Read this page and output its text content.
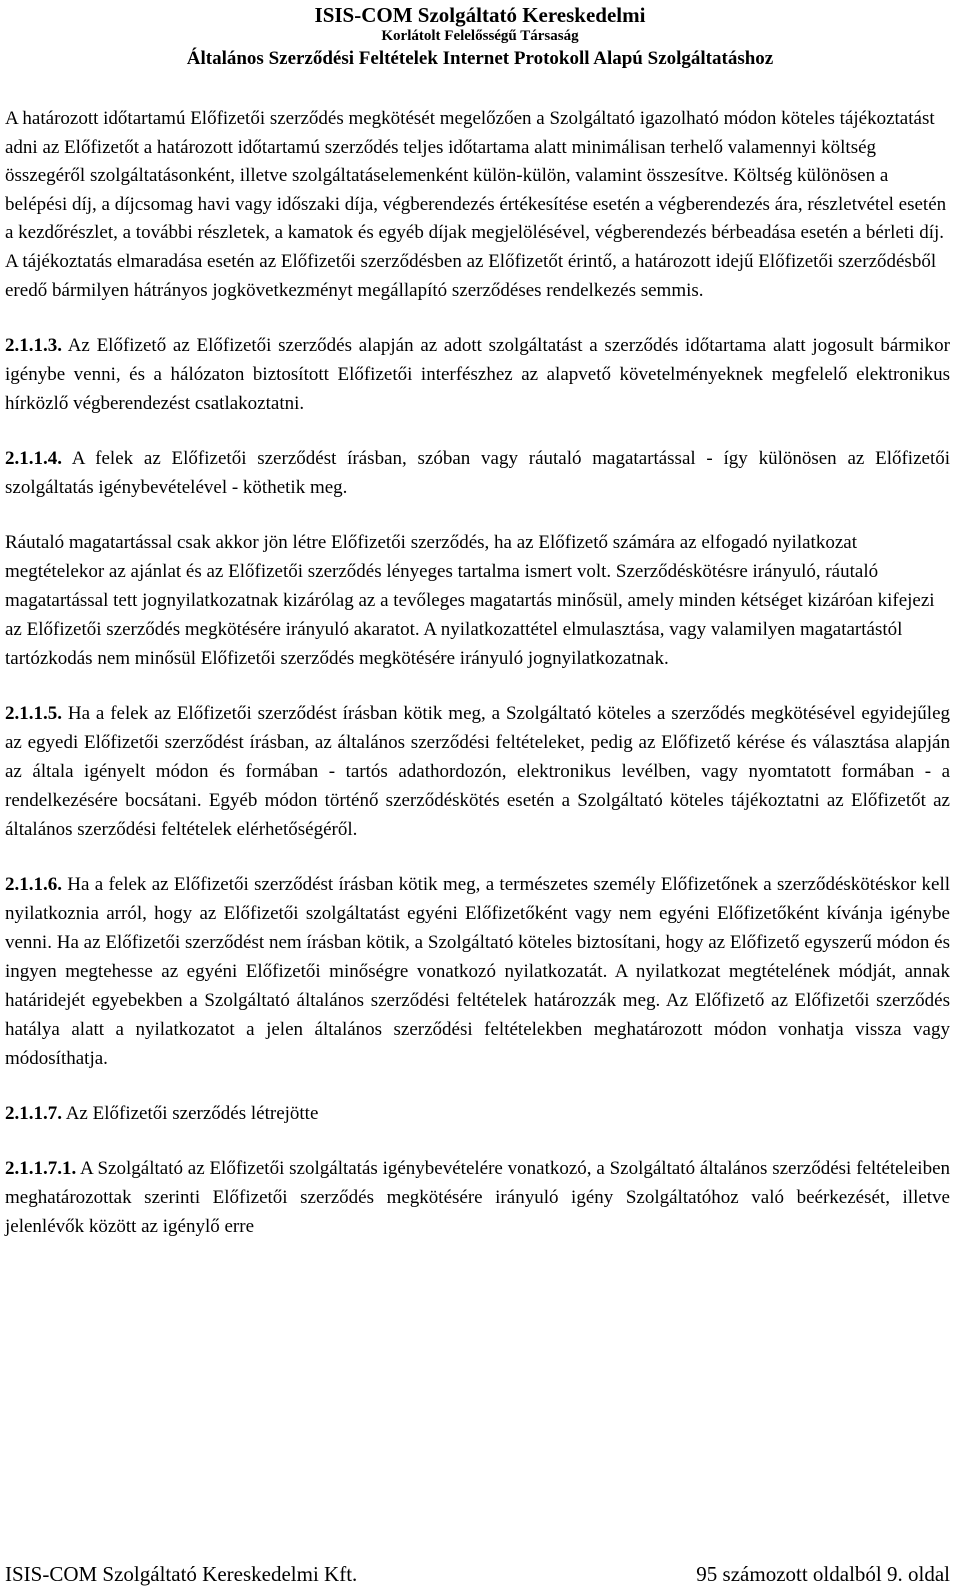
ISIS-COM Szolgáltató Kereskedelmi
Korlátolt Felelősségű Társaság
Általános Szerződési Feltételek Internet Protokoll Alapú Szolgáltatáshoz

A határozott időtartamú Előfizetői szerződés megkötését megelőzően a Szolgáltató igazolható módon köteles tájékoztatást adni az Előfizetőt a határozott időtartamú szerződés teljes időtartama alatt minimálisan terhelő valamennyi költség összegéről szolgáltatásonként, illetve szolgáltatáselemenként külön-külön, valamint összesítve. Költség különösen a belépési díj, a díjcsomag havi vagy időszaki díja, végberendezés értékesítése esetén a végberendezés ára, részletvétel esetén a kezdőrészlet, a további részletek, a kamatok és egyéb díjak megjelölésével, végberendezés bérbeadása esetén a bérleti díj. A tájékoztatás elmaradása esetén az Előfizetői szerződésben az Előfizetőt érintő, a határozott idejű Előfizetői szerződésből eredő bármilyen hátrányos jogkövetkezményt megállapító szerződéses rendelkezés semmis.

2.1.1.3. Az Előfizető az Előfizetői szerződés alapján az adott szolgáltatást a szerződés időtartama alatt jogosult bármikor igénybe venni, és a hálózaton biztosított Előfizetői interfészhez az alapvető követelményeknek megfelelő elektronikus hírközlő végberendezést csatlakoztatni.

2.1.1.4. A felek az Előfizetői szerződést írásban, szóban vagy ráutaló magatartással - így különösen az Előfizetői szolgáltatás igénybevételével - köthetik meg.

Ráutaló magatartással csak akkor jön létre Előfizetői szerződés, ha az Előfizető számára az elfogadó nyilatkozat megtételekor az ajánlat és az Előfizetői szerződés lényeges tartalma ismert volt. Szerződéskötésre irányuló, ráutaló magatartással tett jognyilatkozatnak kizárólag az a tevőleges magatartás minősül, amely minden kétséget kizáróan kifejezi az Előfizetői szerződés megkötésére irányuló akaratot. A nyilatkozattétel elmulasztása, vagy valamilyen magatartástól tartózkodás nem minősül Előfizetői szerződés megkötésére irányuló jognyilatkozatnak.

2.1.1.5. Ha a felek az Előfizetői szerződést írásban kötik meg, a Szolgáltató köteles a szerződés megkötésével egyidejűleg az egyedi Előfizetői szerződést írásban, az általános szerződési feltételeket, pedig az Előfizető kérése és választása alapján az általa igényelt módon és formában - tartós adathordozón, elektronikus levélben, vagy nyomtatott formában - a rendelkezésére bocsátani. Egyéb módon történő szerződéskötés esetén a Szolgáltató köteles tájékoztatni az Előfizetőt az általános szerződési feltételek elérhetőségéről.

2.1.1.6. Ha a felek az Előfizetői szerződést írásban kötik meg, a természetes személy Előfizetőnek a szerződéskötéskor kell nyilatkoznia arról, hogy az Előfizetői szolgáltatást egyéni Előfizetőként vagy nem egyéni Előfizetőként kívánja igénybe venni. Ha az Előfizetői szerződést nem írásban kötik, a Szolgáltató köteles biztosítani, hogy az Előfizető egyszerű módon és ingyen megtehesse az egyéni Előfizetői minőségre vonatkozó nyilatkozatát. A nyilatkozat megtételének módját, annak határidejét egyebekben a Szolgáltató általános szerződési feltételek határozzák meg. Az Előfizető az Előfizetői szerződés hatálya alatt a nyilatkozatot a jelen általános szerződési feltételekben meghatározott módon vonhatja vissza vagy módosíthatja.

2.1.1.7. Az Előfizetői szerződés létrejötte

2.1.1.7.1. A Szolgáltató az Előfizetői szolgáltatás igénybevételére vonatkozó, a Szolgáltató általános szerződési feltételeiben meghatározottak szerinti Előfizetői szerződés megkötésére irányuló igény Szolgáltatóhoz való beérkezését, illetve jelenlévők között az igénylő erre

ISIS-COM Szolgáltató Kereskedelmi Kft.	95 számozott oldalból 9. oldal
